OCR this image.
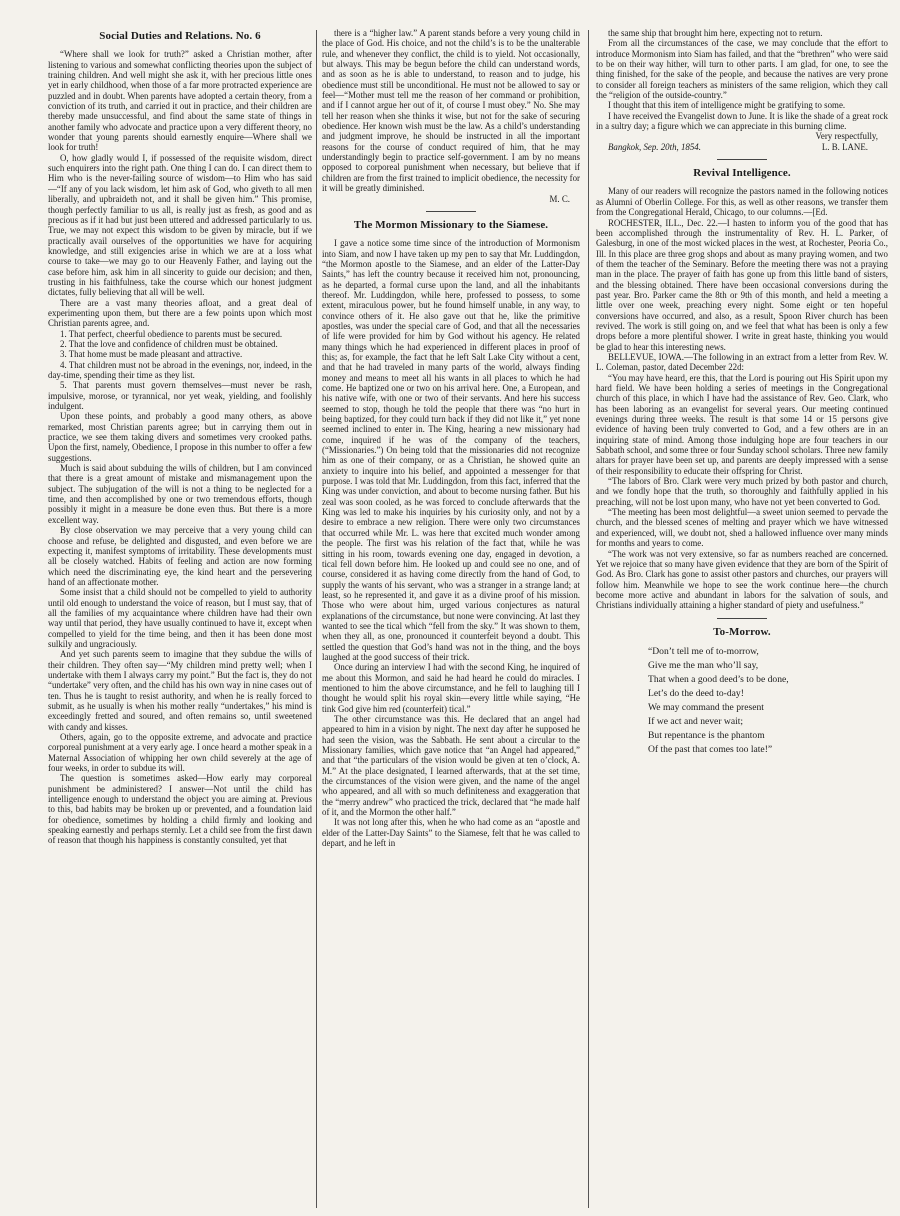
Social Duties and Relations. No. 6

“Where shall we look for truth?” asked a Christian mother, after listening to various and somewhat conflicting theories upon the subject of training children. And well might she ask it, with her precious little ones yet in early childhood, when those of a far more protracted experience are puzzled and in doubt. When parents have adopted a certain theory, from a conviction of its truth, and carried it out in practice, and their children are thereby made unsuccessful, and find about the same state of things in another family who advocate and practice upon a very different theory, no wonder that young parents should earnestly enquire—Where shall we look for truth!

O, how gladly would I, if possessed of the requisite wisdom, direct such enquirers into the right path. One thing I can do. I can direct them to Him who is the never-failing source of wisdom—to Him who has said—“If any of you lack wisdom, let him ask of God, who giveth to all men liberally, and upbraideth not, and it shall be given him.” This promise, though perfectly familiar to us all, is really just as fresh, as good and as precious as if it had but just been uttered and addressed particularly to us. True, we may not expect this wisdom to be given by miracle, but if we practically avail ourselves of the opportunities we have for acquiring knowledge, and still exigencies arise in which we are at a loss what course to take—we may go to our Heavenly Father, and laying out the case before him, ask him in all sincerity to guide our decision; and then, trusting in his faithfulness, take the course which our honest judgment dictates, fully believing that all will be well.

There are a vast many theories afloat, and a great deal of experimenting upon them, but there are a few points upon which most Christian parents agree, and.

1. That perfect, cheerful obedience to parents must be secured.

2. That the love and confidence of children must be obtained.

3. That home must be made pleasant and attractive.

4. That children must not be abroad in the evenings, nor, indeed, in the day-time, spending their time as they list.

5. That parents must govern themselves—must never be rash, impulsive, morose, or tyrannical, nor yet weak, yielding, and foolishly indulgent.

Upon these points, and probably a good many others, as above remarked, most Christian parents agree; but in carrying them out in practice, we see them taking divers and sometimes very crooked paths. Upon the first, namely, Obedience, I propose in this number to offer a few suggestions.

Much is said about subduing the wills of children, but I am convinced that there is a great amount of mistake and mismanagement upon the subject. The subjugation of the will is not a thing to be neglected for a time, and then accomplished by one or two tremendous efforts, though possibly it might in a measure be done even thus. But there is a more excellent way.

By close observation we may perceive that a very young child can choose and refuse, be delighted and disgusted, and even before we are expecting it, manifest symptoms of irritability. These developments must all be closely watched. Habits of feeling and action are now forming which need the discriminating eye, the kind heart and the persevering hand of an affectionate mother.

Some insist that a child should not be compelled to yield to authority until old enough to understand the voice of reason, but I must say, that of all the families of my acquaintance where children have had their own way until that period, they have usually continued to have it, except when compelled to yield for the time being, and then it has been done most sulkily and ungraciously.

And yet such parents seem to imagine that they subdue the wills of their children. They often say—“My children mind pretty well; when I undertake with them I always carry my point.” But the fact is, they do not “undertake” very often, and the child has his own way in nine cases out of ten. Thus he is taught to resist authority, and when he is really forced to submit, as he usually is when his mother really “undertakes,” his mind is exceedingly fretted and soured, and often remains so, until sweetened with candy and kisses.

Others, again, go to the opposite extreme, and advocate and practice corporeal punishment at a very early age. I once heard a mother speak in a Maternal Association of whipping her own child severely at the age of four weeks, in order to subdue its will.

The question is sometimes asked—How early may corporeal punishment be administered? I answer—Not until the child has intelligence enough to understand the object you are aiming at. Previous to this, bad habits may be broken up or prevented, and a foundation laid for obedience, sometimes by holding a child firmly and looking and speaking earnestly and perhaps sternly. Let a child see from the first dawn of reason that though his happiness is constantly consulted, yet that

there is a “higher law.” A parent stands before a very young child in the place of God. His choice, and not the child’s is to be the unalterable rule, and whenever they conflict, the child is to yield. Not occasionally, but always. This may be begun before the child can understand words, and as soon as he is able to understand, to reason and to judge, his obedience must still be unconditional. He must not be allowed to say or feel—“Mother must tell me the reason of her command or prohibition, and if I cannot argue her out of it, of course I must obey.” No. She may tell her reason when she thinks it wise, but not for the sake of securing obedience. Her known wish must be the law. As a child’s understanding and judgment improve, he should be instructed in all the important reasons for the course of conduct required of him, that he may understandingly begin to practice self-government. I am by no means opposed to corporeal punishment when necessary, but believe that if children are from the first trained to implicit obedience, the necessity for it will be greatly diminished.

M. C.

The Mormon Missionary to the Siamese.

I gave a notice some time since of the introduction of Mormonism into Siam, and now I have taken up my pen to say that Mr. Luddingdon, “the Mormon apostle to the Siamese, and an elder of the Latter-Day Saints,” has left the country because it received him not, pronouncing, as he departed, a formal curse upon the land, and all the inhabitants thereof. Mr. Luddingdon, while here, professed to possess, to some extent, miraculous power, but he found himself unable, in any way, to convince others of it. He also gave out that he, like the primitive apostles, was under the special care of God, and that all the necessaries of life were provided for him by God without his agency. He related many things which he had experienced in different places in proof of this; as, for example, the fact that he left Salt Lake City without a cent, and that he had traveled in many parts of the world, always finding money and means to meet all his wants in all places to which he had come. He baptized one or two on his arrival here. One, a European, and his native wife, with one or two of their servants. And here his success seemed to stop, though he told the people that there was “no hurt in being baptized, for they could turn back if they did not like it,” yet none seemed inclined to enter in. The King, hearing a new missionary had come, inquired if he was of the company of the teachers, (“Missionaries.”) On being told that the missionaries did not recognize him as one of their company, or as a Christian, he showed quite an anxiety to inquire into his belief, and appointed a messenger for that purpose. I was told that Mr. Luddingdon, from this fact, inferred that the King was under conviction, and about to become nursing father. But his zeal was soon cooled, as he was forced to conclude afterwards that the King was led to make his inquiries by his curiosity only, and not by a desire to embrace a new religion. There were only two circumstances that occurred while Mr. L. was here that excited much wonder among the people. The first was his relation of the fact that, while he was sitting in his room, towards evening one day, engaged in devotion, a tical fell down before him. He looked up and could see no one, and of course, considered it as having come directly from the hand of God, to supply the wants of his servant, who was a stranger in a strange land; at least, so he represented it, and gave it as a divine proof of his mission. Those who were about him, urged various conjectures as natural explanations of the circumstance, but none were convincing. At last they wanted to see the tical which “fell from the sky.” It was shown to them, when they all, as one, pronounced it counterfeit beyond a doubt. This settled the question that God’s hand was not in the thing, and the boys laughed at the good success of their trick.

Once during an interview I had with the second King, he inquired of me about this Mormon, and said he had heard he could do miracles. I mentioned to him the above circumstance, and he fell to laughing till I thought he would split his royal skin—every little while saying, “He tink God give him red (counterfeit) tical.”

The other circumstance was this. He declared that an angel had appeared to him in a vision by night. The next day after he supposed he had seen the vision, was the Sabbath. He sent about a circular to the Missionary families, which gave notice that “an Angel had appeared,” and that “the particulars of the vision would be given at ten o’clock, A. M.” At the place designated, I learned afterwards, that at the set time, the circumstances of the vision were given, and the name of the angel who appeared, and all with so much definiteness and exaggeration that the “merry andrew” who practiced the trick, declared that “he made half of it, and the Mormon the other half.”

It was not long after this, when he who had come as an “apostle and elder of the Latter-Day Saints” to the Siamese, felt that he was called to depart, and he left in

the same ship that brought him here, expecting not to return.

From all the circumstances of the case, we may conclude that the effort to introduce Mormonism into Siam has failed, and that the “brethren” who were said to be on their way hither, will turn to other parts. I am glad, for one, to see the thing finished, for the sake of the people, and because the natives are very prone to consider all foreign teachers as ministers of the same religion, which they call the “religion of the outside-country.”

I thought that this item of intelligence might be gratifying to some.

I have received the Evangelist down to June. It is like the shade of a great rock in a sultry day; a figure which we can appreciate in this burning clime.

Very respectfully,

Bangkok, Sep. 20th, 1854.	L. B. LANE.

Revival Intelligence.

Many of our readers will recognize the pastors named in the following notices as Alumni of Oberlin College. For this, as well as other reasons, we transfer them from the Congregational Herald, Chicago, to our columns.—[Ed.

ROCHESTER, ILL., Dec. 22.—I hasten to inform you of the good that has been accomplished through the instrumentality of Rev. H. L. Parker, of Galesburg, in one of the most wicked places in the west, at Rochester, Peoria Co., Ill. In this place are three grog shops and about as many praying women, and two of them the teacher of the Seminary. Before the meeting there was not a praying man in the place. The prayer of faith has gone up from this little band of sisters, and the blessing obtained. There have been occasional conversions during the past year. Bro. Parker came the 8th or 9th of this month, and held a meeting a little over one week, preaching every night. Some eight or ten hopeful conversions have occurred, and also, as a result, Spoon River church has been revived. The work is still going on, and we feel that what has been is only a few drops before a more plentiful shower. I write in great haste, thinking you would be glad to hear this interesting news.

BELLEVUE, IOWA.—The following in an extract from a letter from Rev. W. L. Coleman, pastor, dated December 22d:

“You may have heard, ere this, that the Lord is pouring out His Spirit upon my hard field. We have been holding a series of meetings in the Congregational church of this place, in which I have had the assistance of Rev. Geo. Clark, who has been laboring as an evangelist for several years. Our meeting continued evenings during three weeks. The result is that some 14 or 15 persons give evidence of having been truly converted to God, and a few others are in an inquiring state of mind. Among those indulging hope are four teachers in our Sabbath school, and some three or four Sunday school scholars. Three new family altars for prayer have been set up, and parents are deeply impressed with a sense of their responsibility to educate their offspring for Christ.

“The labors of Bro. Clark were very much prized by both pastor and church, and we fondly hope that the truth, so thoroughly and faithfully applied in his preaching, will not be lost upon many, who have not yet been converted to God.

“The meeting has been most delightful—a sweet union seemed to pervade the church, and the blessed scenes of melting and prayer which we have witnessed and experienced, will, we doubt not, shed a hallowed influence over many minds for months and years to come.

“The work was not very extensive, so far as numbers reached are concerned. Yet we rejoice that so many have given evidence that they are born of the Spirit of God. As Bro. Clark has gone to assist other pastors and churches, our prayers will follow him. Meanwhile we hope to see the work continue here—the church become more active and abundant in labors for the salvation of souls, and Christians individually attaining a higher standard of piety and usefulness.”

To-Morrow.
“Don’t tell me of to-morrow,
Give me the man who’ll say,
That when a good deed’s to be done,
Let’s do the deed to-day!
We may command the present
If we act and never wait;
But repentance is the phantom
Of the past that comes too late!”
